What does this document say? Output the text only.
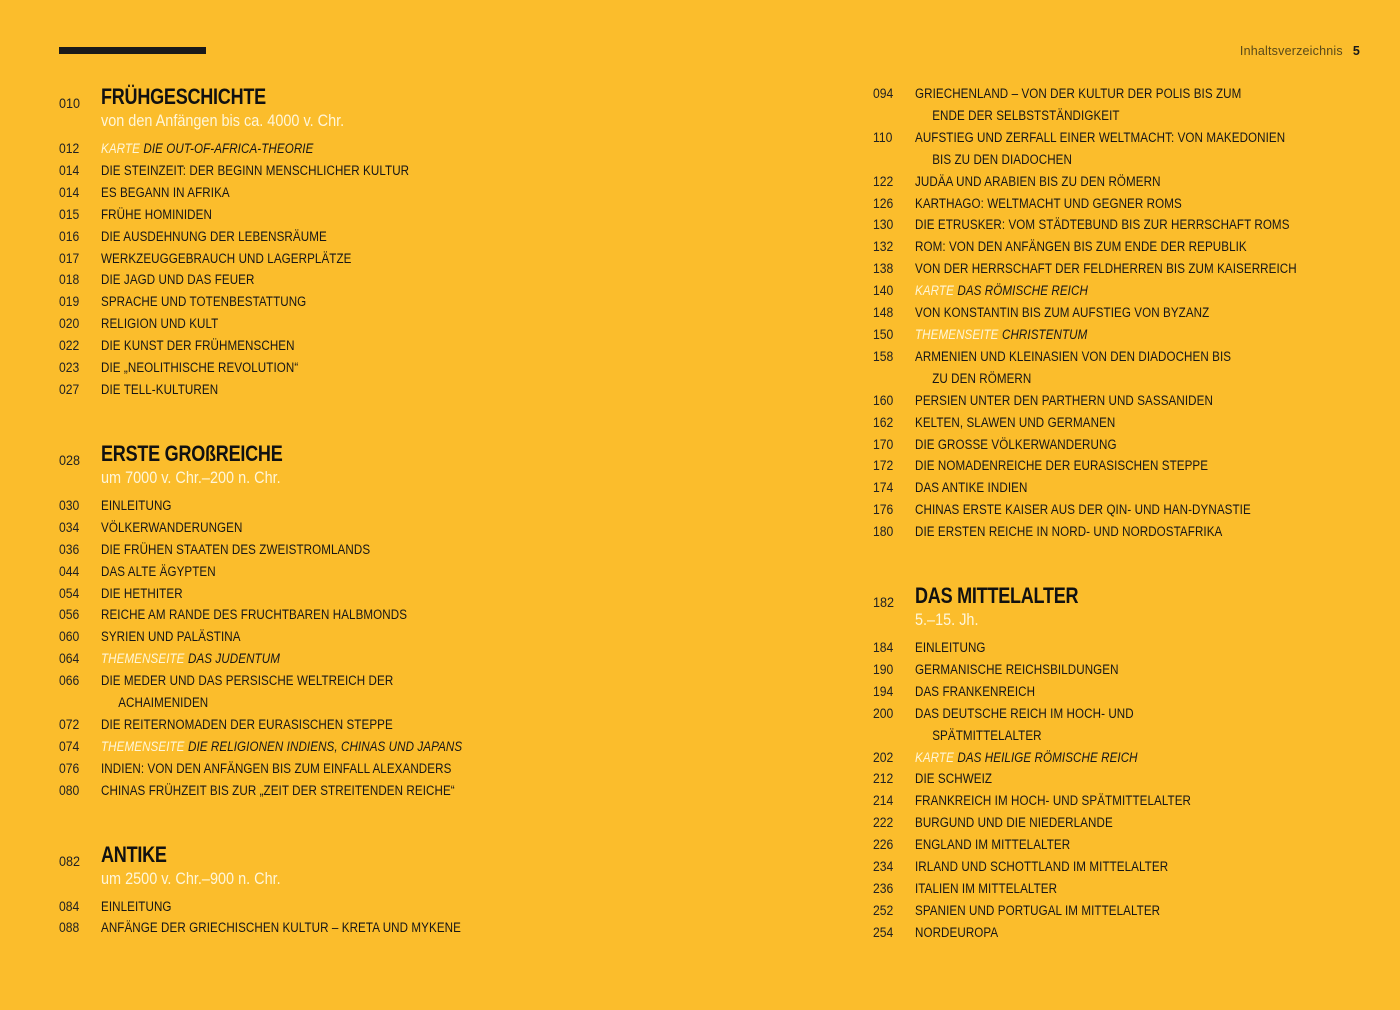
Inhaltsverzeichnis 5
010 FRÜHGESCHICHTE
von den Anfängen bis ca. 4000 v. Chr.
012	KARTE DIE OUT-OF-AFRICA-THEORIE
014	DIE STEINZEIT: DER BEGINN MENSCHLICHER KULTUR
014	ES BEGANN IN AFRIKA
015	FRÜHE HOMINIDEN
016	DIE AUSDEHNUNG DER LEBENSRÄUME
017	WERKZEUGGEBRAUCH UND LAGERPLÄTZE
018	DIE JAGD UND DAS FEUER
019	SPRACHE UND TOTENBESTATTUNG
020	RELIGION UND KULT
022	DIE KUNST DER FRÜHMENSCHEN
023	DIE „NEOLITHISCHE REVOLUTION“
027	DIE TELL-KULTUREN
028 ERSTE GROßREICHE
um 7000 v. Chr.–200 n. Chr.
030	EINLEITUNG
034	VÖLKERWANDERUNGEN
036	DIE FRÜHEN STAATEN DES ZWEISTROMLANDS
044	DAS ALTE ÄGYPTEN
054	DIE HETHITER
056	REICHE AM RANDE DES FRUCHTBAREN HALBMONDS
060	SYRIEN UND PALÄSTINA
064	THEMENSEITE DAS JUDENTUM
066	DIE MEDER UND DAS PERSISCHE WELTREICH DER
ACHAIMENIDEN
072	DIE REITERNOMADEN DER EURASISCHEN STEPPE
074	THEMENSEITE DIE RELIGIONEN INDIENS, CHINAS UND JAPANS
076	INDIEN: VON DEN ANFÄNGEN BIS ZUM EINFALL ALEXANDERS
080	CHINAS FRÜHZEIT BIS ZUR „ZEIT DER STREITENDEN REICHE“
082 ANTIKE
um 2500 v. Chr.–900 n. Chr.
084	EINLEITUNG
088	ANFÄNGE DER GRIECHISCHEN KULTUR – KRETA UND MYKENE
094	GRIECHENLAND – VON DER KULTUR DER POLIS BIS ZUM
ENDE DER SELBSTSTÄNDIGKEIT
110	AUFSTIEG UND ZERFALL EINER WELTMACHT: VON MAKEDONIEN
BIS ZU DEN DIADOCHEN
122	JUDÄA UND ARABIEN BIS ZU DEN RÖMERN
126	KARTHAGO: WELTMACHT UND GEGNER ROMS
130	DIE ETRUSKER: VOM STÄDTEBUND BIS ZUR HERRSCHAFT ROMS
132	ROM: VON DEN ANFÄNGEN BIS ZUM ENDE DER REPUBLIK
138	VON DER HERRSCHAFT DER FELDHERREN BIS ZUM KAISERREICH
140	KARTE DAS RÖMISCHE REICH
148	VON KONSTANTIN BIS ZUM AUFSTIEG VON BYZANZ
150	THEMENSEITE CHRISTENTUM
158	ARMENIEN UND KLEINASIEN VON DEN DIADOCHEN BIS
ZU DEN RÖMERN
160	PERSIEN UNTER DEN PARTHERN UND SASSANIDEN
162	KELTEN, SLAWEN UND GERMANEN
170	DIE GROSSE VÖLKERWANDERUNG
172	DIE NOMADENREICHE DER EURASISCHEN STEPPE
174	DAS ANTIKE INDIEN
176	CHINAS ERSTE KAISER AUS DER QIN- UND HAN-DYNASTIE
180	DIE ERSTEN REICHE IN NORD- UND NORDOSTAFRIKA
182 DAS MITTELALTER
5.–15. Jh.
184	EINLEITUNG
190	GERMANISCHE REICHSBILDUNGEN
194	DAS FRANKENREICH
200	DAS DEUTSCHE REICH IM HOCH- UND
SPÄTMITTELALTER
202	KARTE DAS HEILIGE RÖMISCHE REICH
212	DIE SCHWEIZ
214	FRANKREICH IM HOCH- UND SPÄTMITTELALTER
222	BURGUND UND DIE NIEDERLANDE
226	ENGLAND IM MITTELALTER
234	IRLAND UND SCHOTTLAND IM MITTELALTER
236	ITALIEN IM MITTELALTER
252	SPANIEN UND PORTUGAL IM MITTELALTER
254	NORDEUROPA
